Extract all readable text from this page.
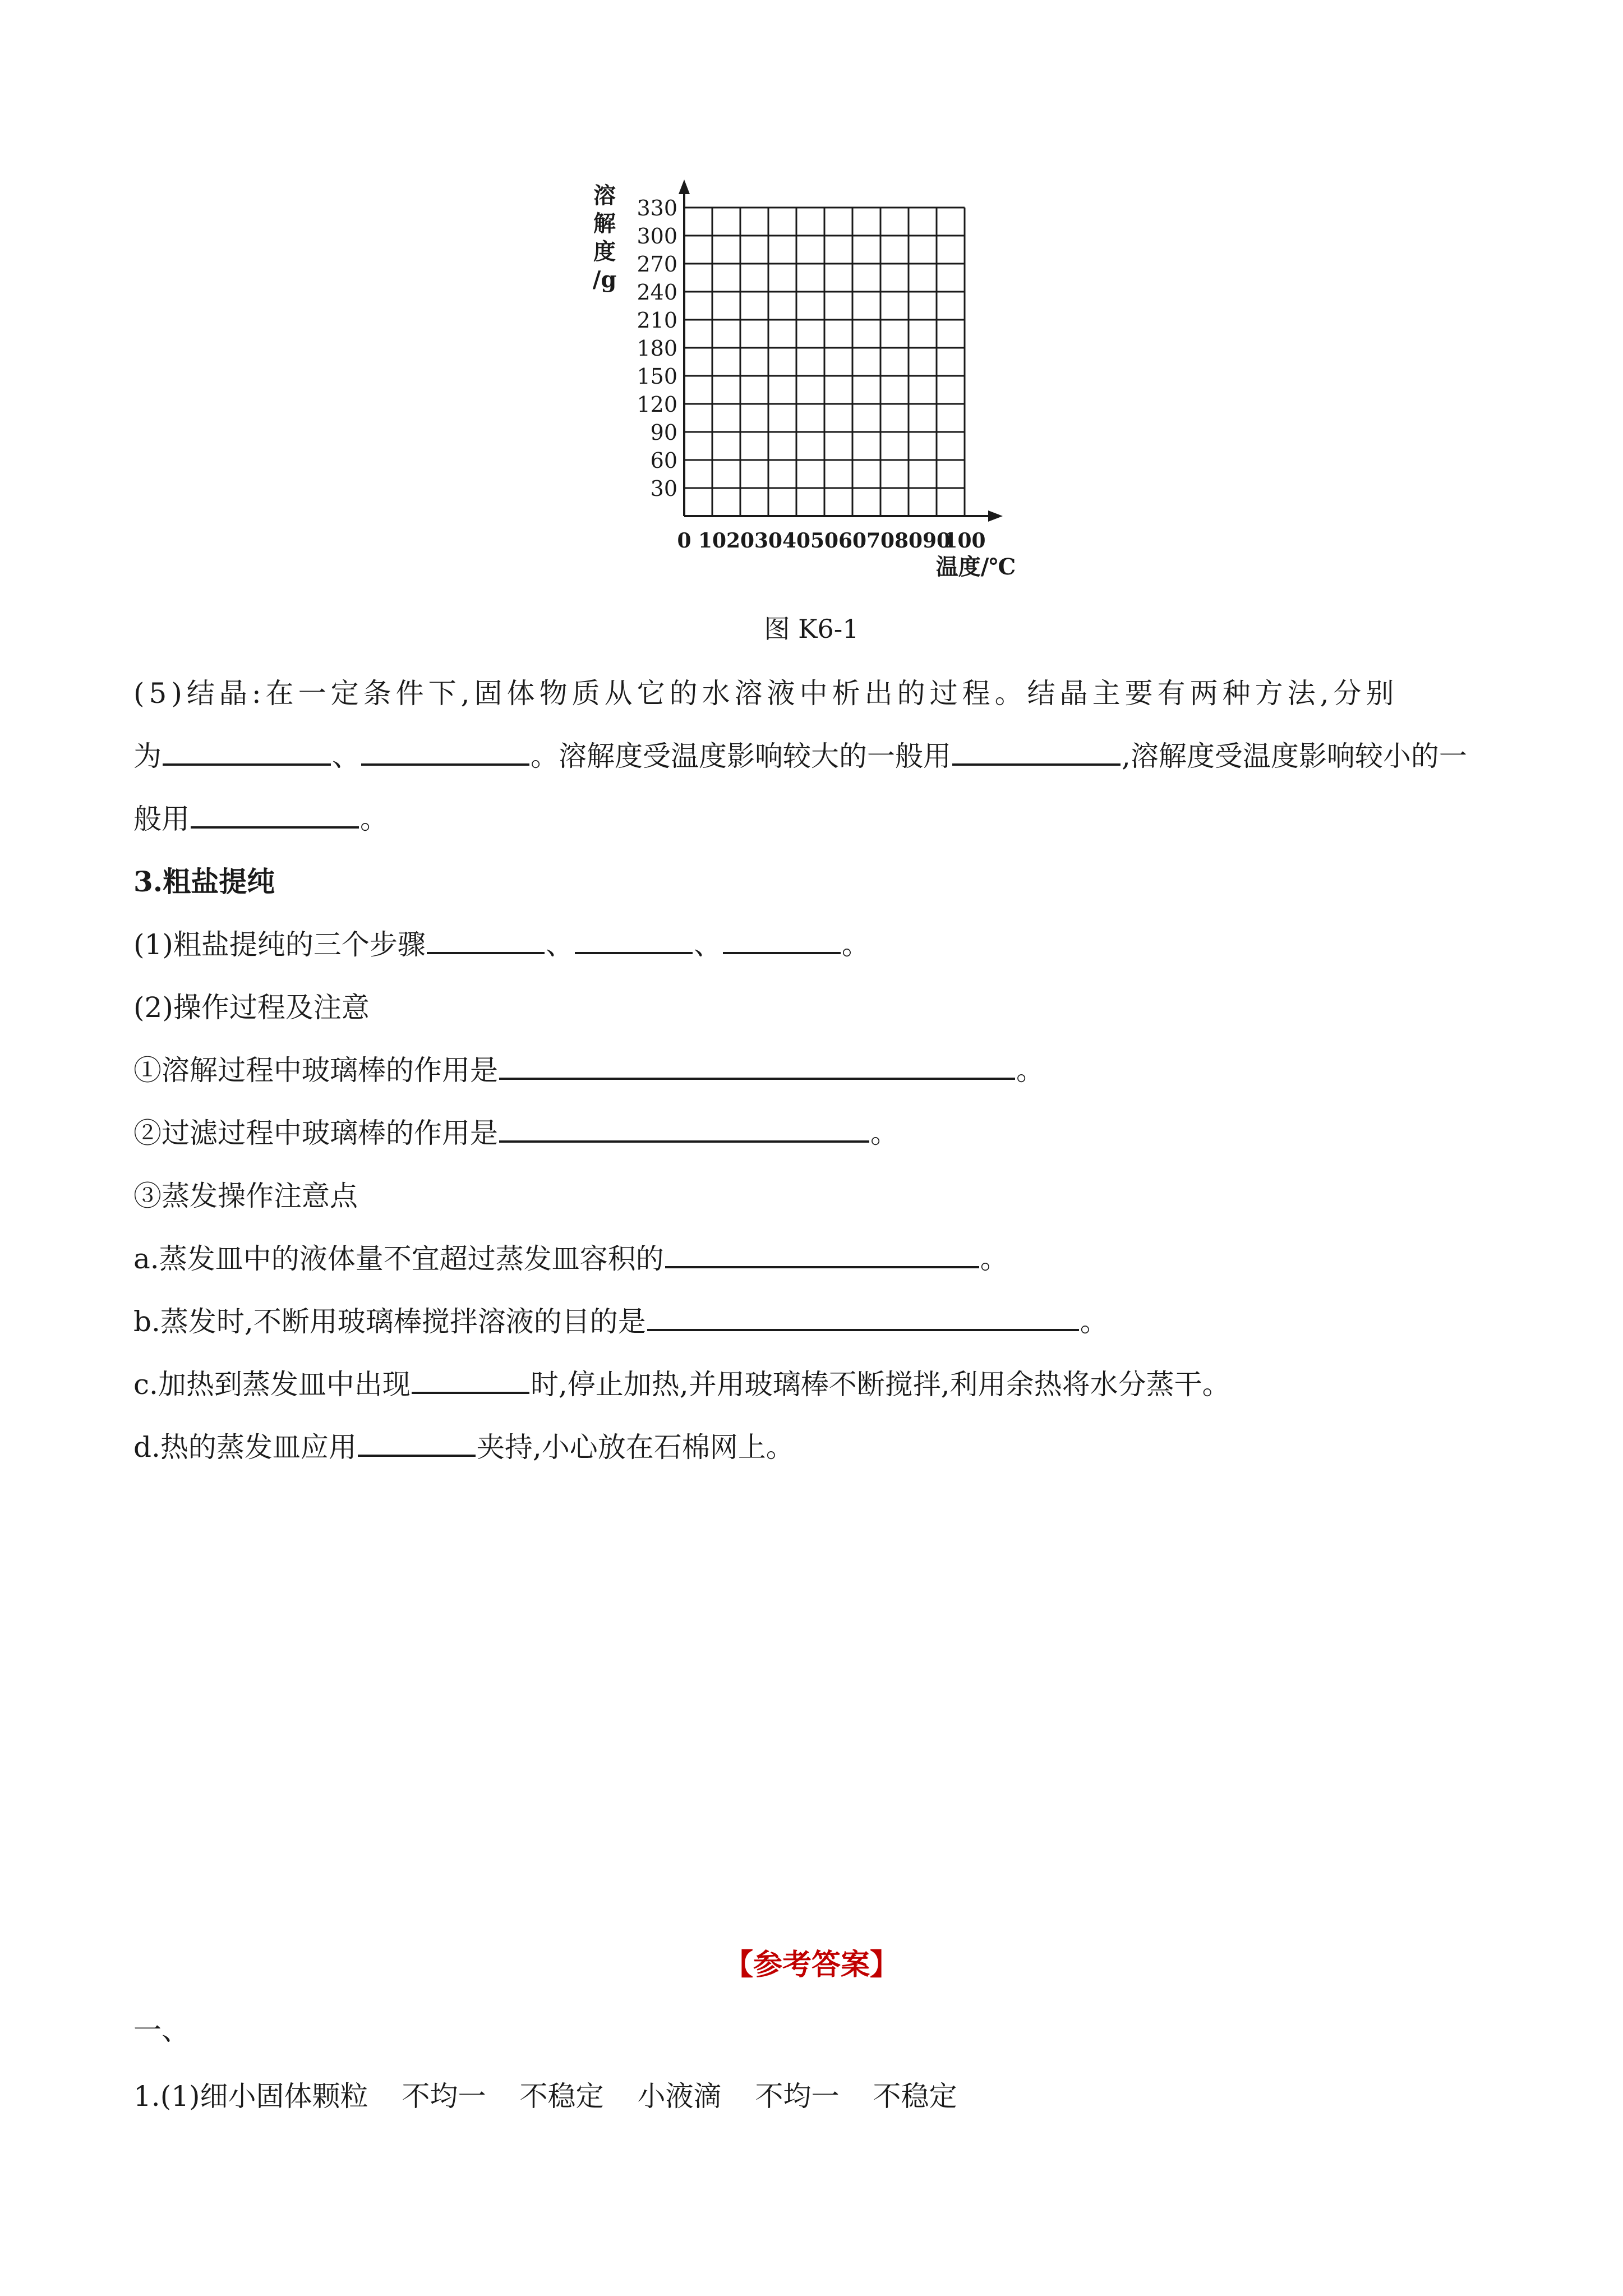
30
60
90
120
150
180
210
240
270
300
330
0 10 20 30 40 50 60 70 80 90
100
溶
解
度
/g
温度/℃
图 K6-1
(5)结晶:在一定条件下,固体物质从它的水溶液中析出的过程。结晶主要有两种方法,分别
为	、	。溶解度受温度影响较大的一般用	,溶解度受温度影响较小的一
般用	。
3.粗盐提纯
(1)粗盐提纯的三个步骤	、	、	。
(2)操作过程及注意
①溶解过程中玻璃棒的作用是	。
②过滤过程中玻璃棒的作用是	。
③蒸发操作注意点
a.蒸发皿中的液体量不宜超过蒸发皿容积的	。
b.蒸发时,不断用玻璃棒搅拌溶液的目的是	。
c.加热到蒸发皿中出现	时,停止加热,并用玻璃棒不断搅拌,利用余热将水分蒸干。
d.热的蒸发皿应用	夹持,小心放在石棉网上。
【参考答案】
一、
1.(1)细小固体颗粒 不均一 不稳定 小液滴 不均一 不稳定
